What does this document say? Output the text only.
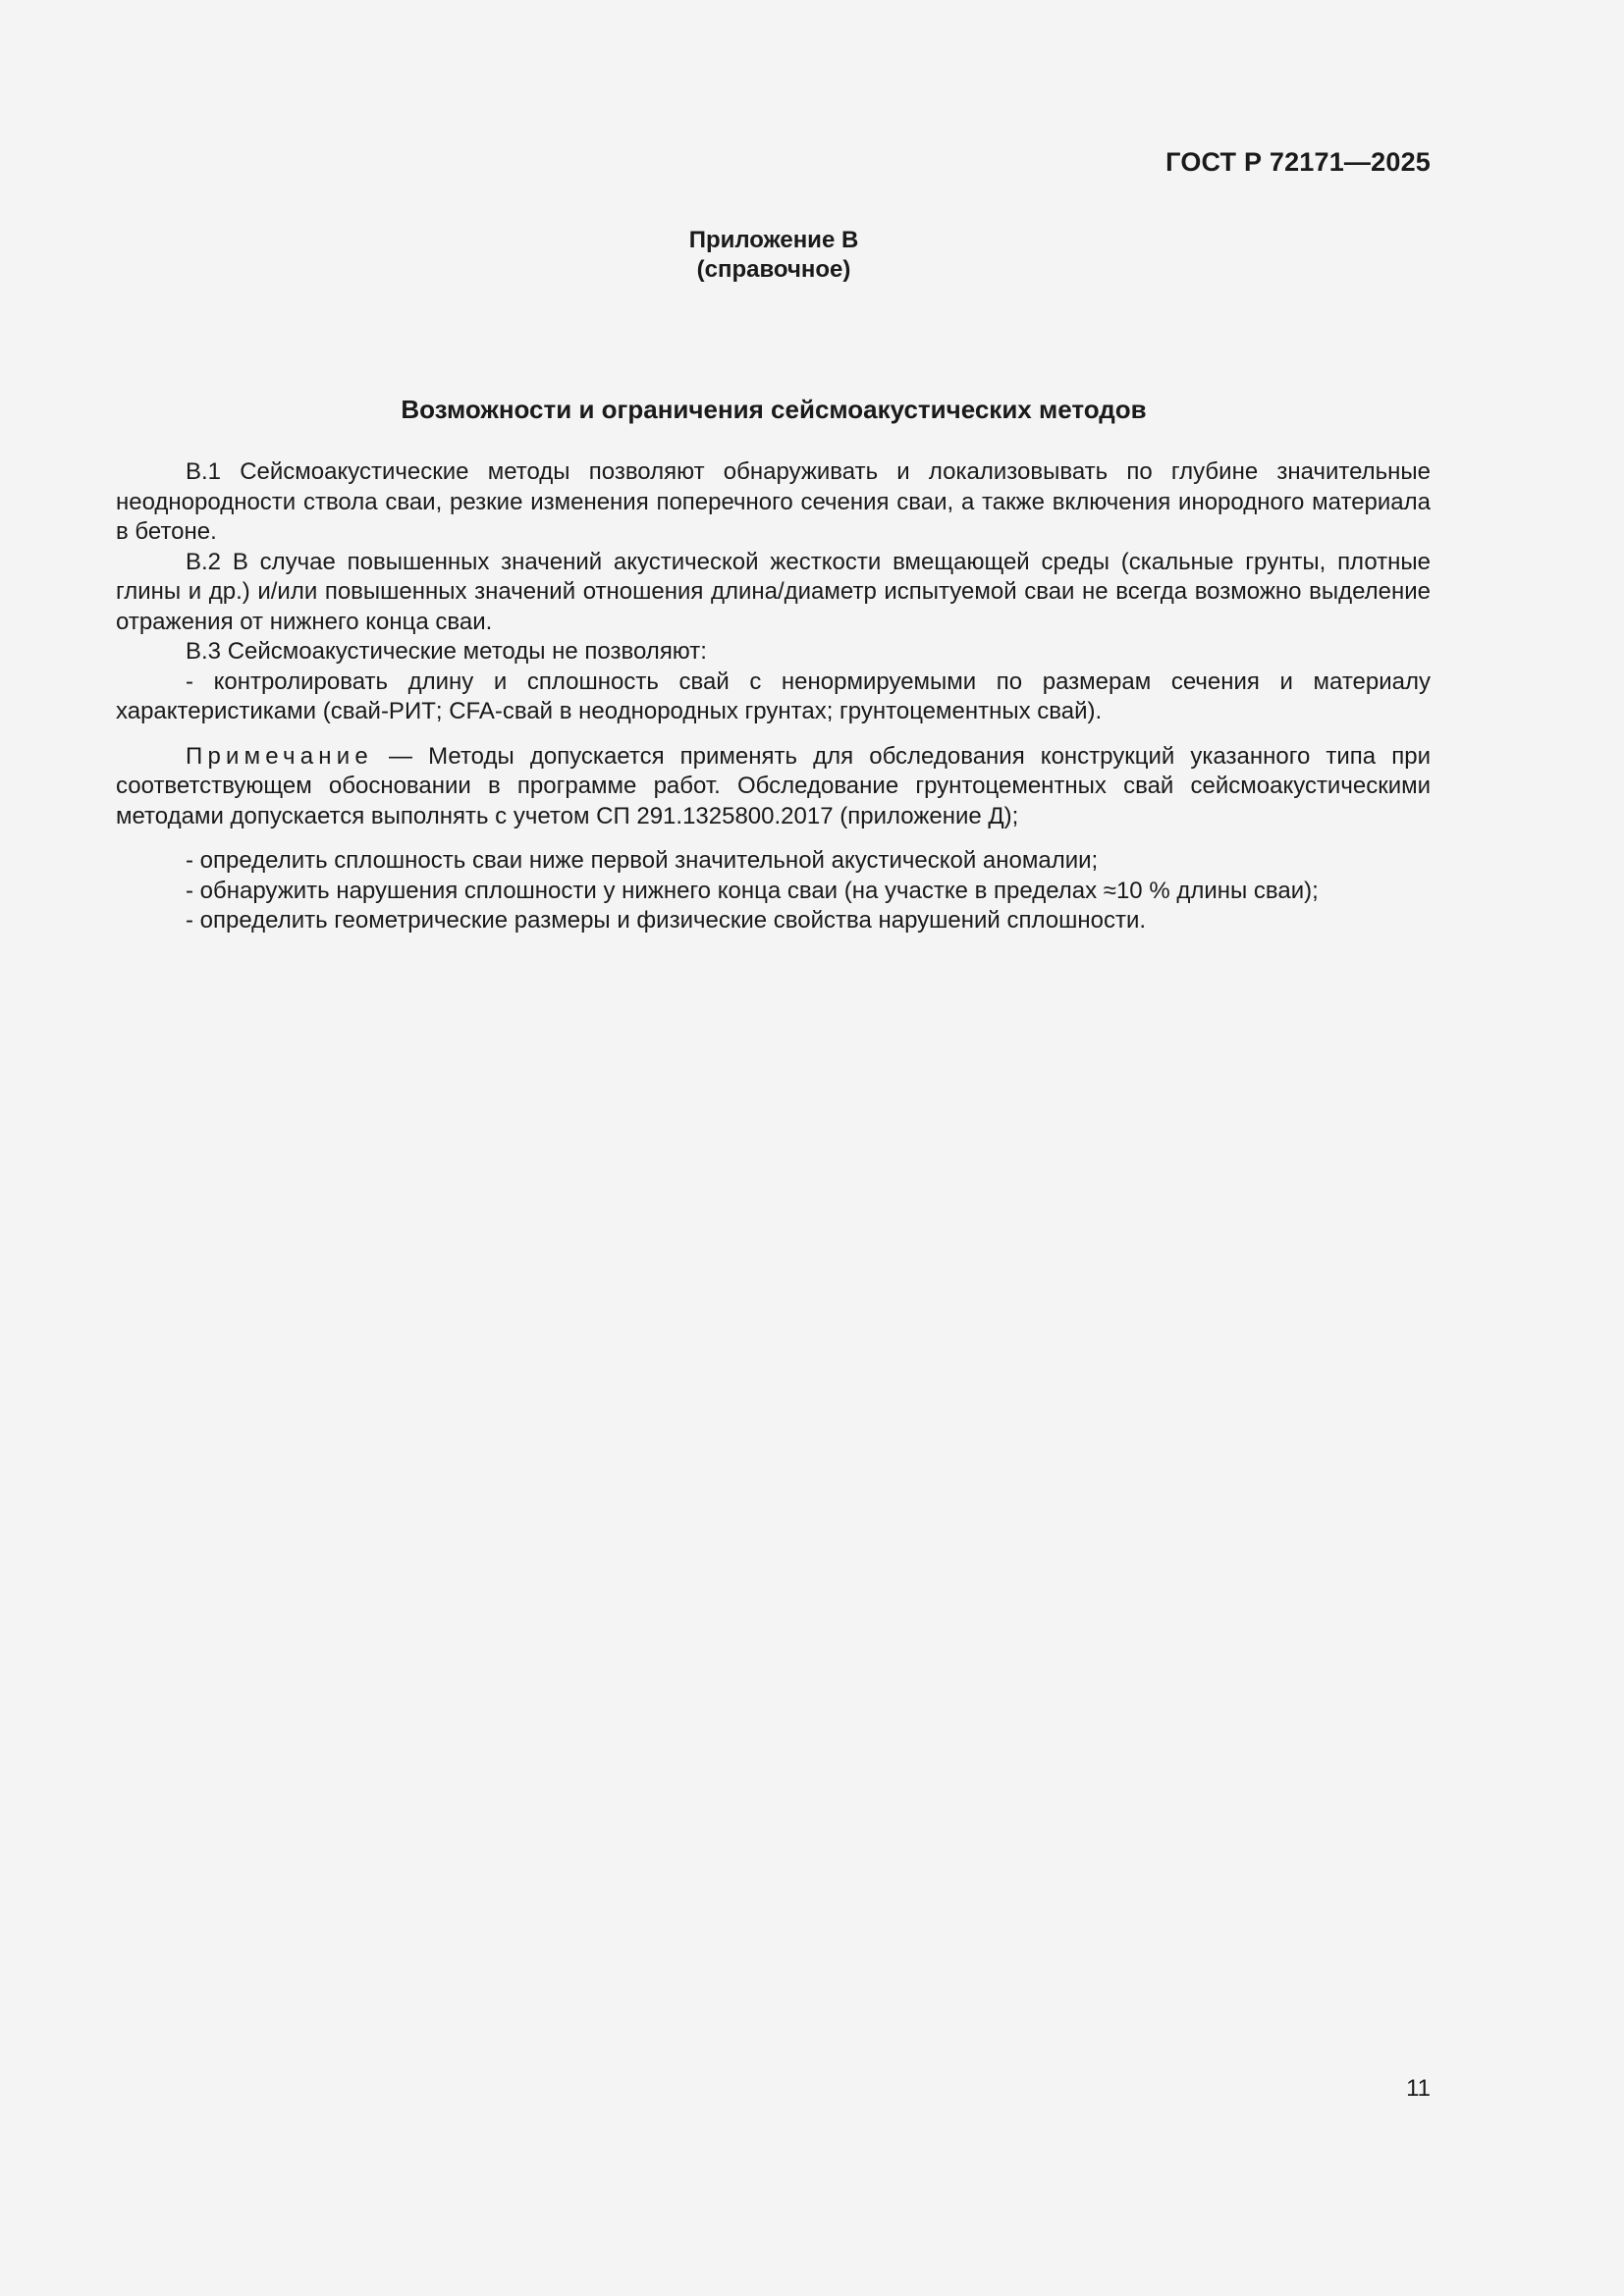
ГОСТ Р 72171—2025
Приложение В
(справочное)
Возможности и ограничения сейсмоакустических методов

В.1 Сейсмоакустические методы позволяют обнаруживать и локализовывать по глубине значительные неоднородности ствола сваи, резкие изменения поперечного сечения сваи, а также включения инородного материала в бетоне.

В.2 В случае повышенных значений акустической жесткости вмещающей среды (скальные грунты, плотные глины и др.) и/или повышенных значений отношения длина/диаметр испытуемой сваи не всегда возможно выделение отражения от нижнего конца сваи.

В.3 Сейсмоакустические методы не позволяют:

- контролировать длину и сплошность свай с ненормируемыми по размерам сечения и материалу характеристиками (свай-РИТ; CFA-свай в неоднородных грунтах; грунтоцементных свай).

Примечание — Методы допускается применять для обследования конструкций указанного типа при соответствующем обосновании в программе работ. Обследование грунтоцементных свай сейсмоакустическими методами допускается выполнять с учетом СП 291.1325800.2017 (приложение Д);

- определить сплошность сваи ниже первой значительной акустической аномалии;

- обнаружить нарушения сплошности у нижнего конца сваи (на участке в пределах ≈10 % длины сваи);

- определить геометрические размеры и физические свойства нарушений сплошности.

11
